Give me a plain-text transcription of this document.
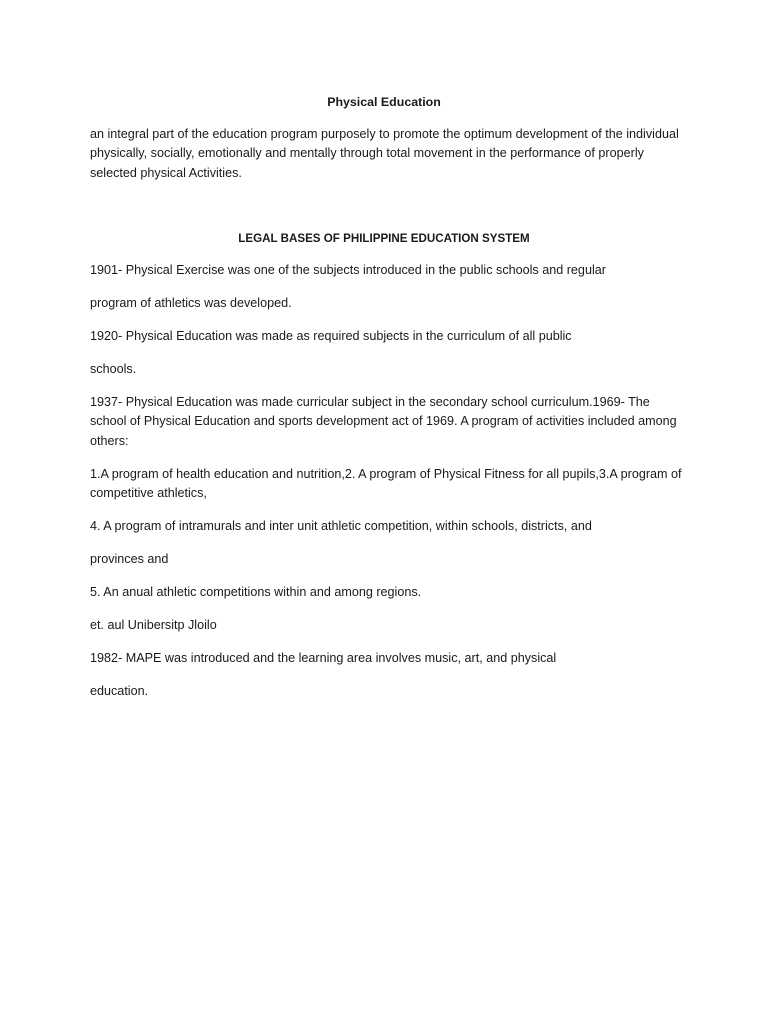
Physical Education

an integral part of the education program purposely to promote the optimum development of the individual physically, socially, emotionally and mentally through total movement in the performance of properly selected physical Activities.

LEGAL BASES OF PHILIPPINE EDUCATION SYSTEM

1901- Physical Exercise was one of the subjects introduced in the public schools and regular

program of athletics was developed.

1920- Physical Education was made as required subjects in the curriculum of all public

schools.

1937- Physical Education was made curricular subject in the secondary school curriculum.1969- The school of Physical Education and sports development act of 1969. A program of activities included among others:

1.A program of health education and nutrition,2. A program of Physical Fitness for all pupils,3.A program of competitive athletics,

4. A program of intramurals and inter unit athletic competition, within schools, districts, and

provinces and

5. An anual athletic competitions within and among regions.

et. aul Unibersitp Jloilo

1982- MAPE was introduced and the learning area involves music, art, and physical

education.
